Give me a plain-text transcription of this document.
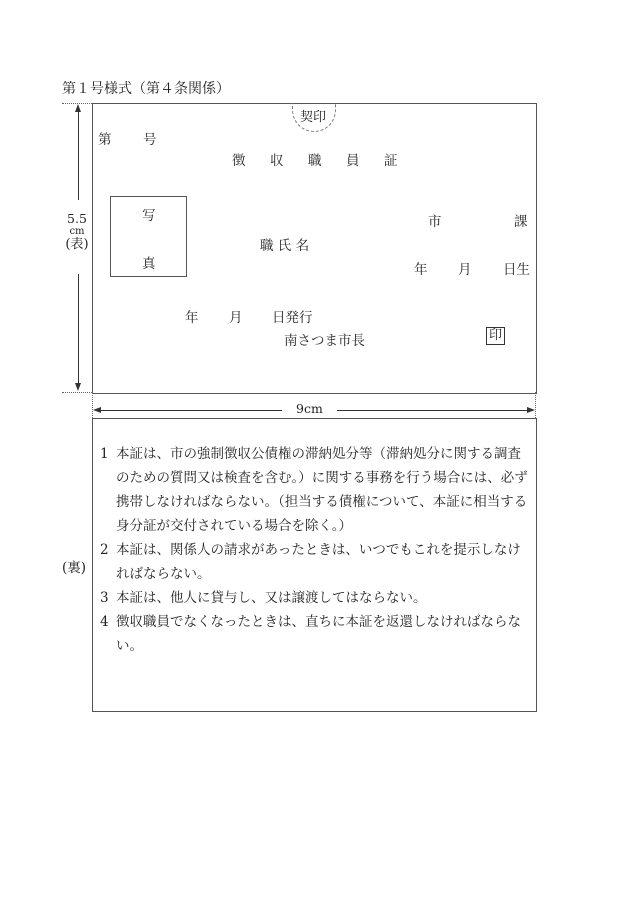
第１号様式（第４条関係）
契印
第 号
徴 収 職 員 証
写
真
市	課
職 氏 名
年 月 日生
年 月 日発行
南さつま市長	印
5.5
cm
(表)
9cm
(裏)
1 本証は、市の強制徴収公債権の滞納処分等（滞納処分に関する調査のための質問又は検査を含む。）に関する事務を行う場合には、必ず携帯しなければならない。（担当する債権について、本証に相当する身分証が交付されている場合を除く。）
2 本証は、関係人の請求があったときは、いつでもこれを提示しなければならない。
3 本証は、他人に貸与し、又は譲渡してはならない。
4 徴収職員でなくなったときは、直ちに本証を返還しなければならない。
